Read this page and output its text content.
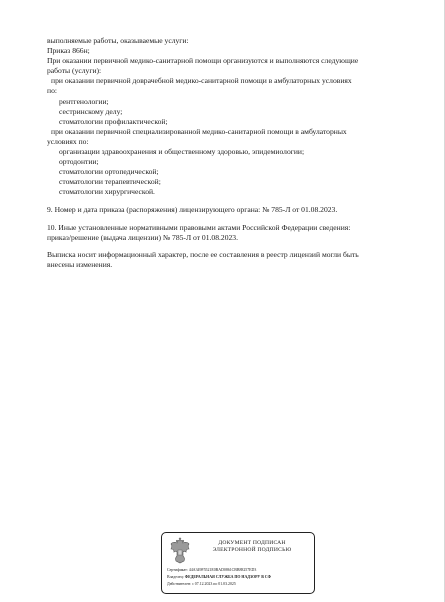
выполняемые работы, оказываемые услуги:

Приказ 866н;

При оказании первичной медико-санитарной помощи организуются и выполняются следующие

работы (услуги):

при оказании первичной доврачебной медико-санитарной помощи в амбулаторных условиях

по:

рентгенологии;

сестринскому делу;

стоматологии профилактической;

при оказании первичной специализированной медико-санитарной помощи в амбулаторных

условиях по:

организации здравоохранения и общественному здоровью, эпидемиологии;

ортодонтии;

стоматологии ортопедической;

стоматологии терапевтической;

стоматологии хирургической.

9. Номер и дата приказа (распоряжения) лицензирующего органа: № 785-Л от 01.08.2023.

10. Иные установленные нормативными правовыми актами Российской Федерации сведения:

приказ/решение (выдача лицензии) № 785-Л от 01.08.2023.

Выписка носит информационный характер, после ее составления в реестр лицензий могли быть

внесены изменения.

ДОКУМЕНТ ПОДПИСАН
ЭЛЕКТРОННОЙ ПОДПИСЬЮ
Сертификат: 44A349F5521E0BAD0861CBB88257ED3
Владелец: ФЕДЕРАЛЬНАЯ СЛУЖБА ПО НАДЗОРУ В СФ
Действителен: с 07.12.2023 по 01.03.2025
